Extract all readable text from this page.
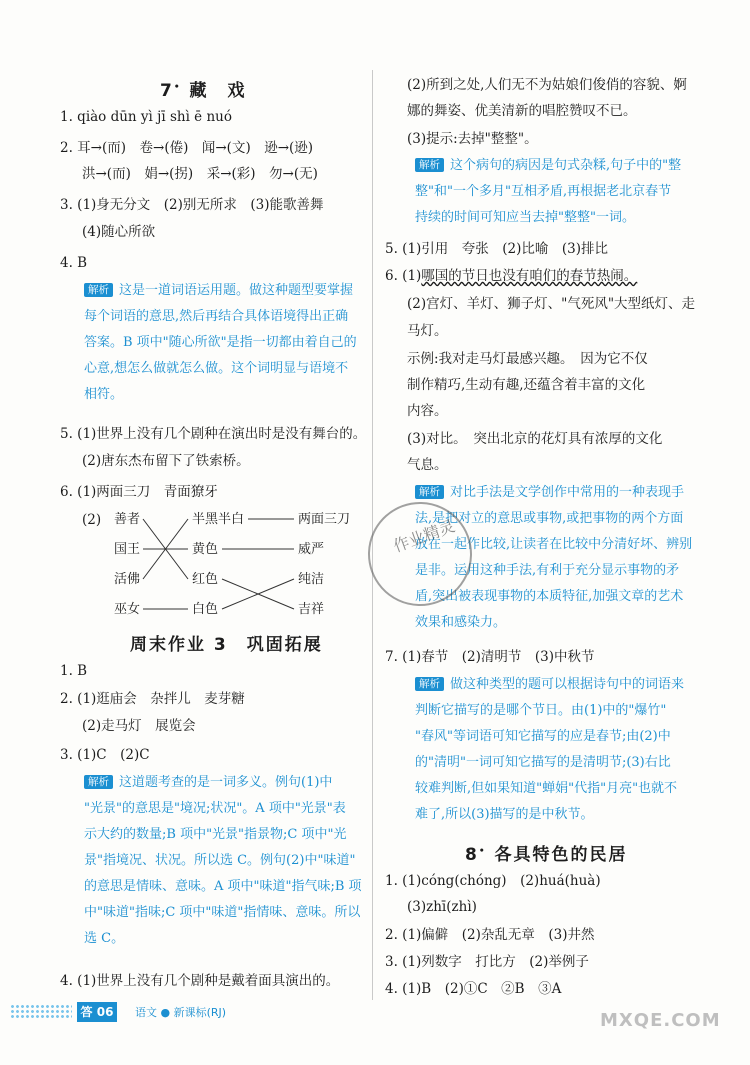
7• 藏　戏
1. qiào dūn yì jī shì ē nuó
2. 耳→(而)　卷→(倦)　闻→(文)　逊→(逊)
洪→(而)　娟→(拐)　采→(彩)　勿→(无)
3. (1)身无分文　(2)别无所求　(3)能歌善舞
(4)随心所欲
4. B
解析 这是一道词语运用题。做这种题型要掌握
每个词语的意思,然后再结合具体语境得出正确
答案。B 项中"随心所欲"是指一切都由着自己的
心意,想怎么做就怎么做。这个词明显与语境不
相符。
5. (1)世界上没有几个剧种在演出时是没有舞台的。
(2)唐东杰布留下了铁索桥。
6. (1)两面三刀　青面獠牙
(2)
周末作业 3　巩固拓展
1. B
2. (1)逛庙会　杂拌儿　麦芽糖
(2)走马灯　展览会
3. (1)C　(2)C
解析 这道题考查的是一词多义。例句(1)中
"光景"的意思是"境况;状况"。A 项中"光景"表
示大约的数量;B 项中"光景"指景物;C 项中"光
景"指境况、状况。所以选 C。例句(2)中"味道"
的意思是情味、意味。A 项中"味道"指气味;B 项
中"味道"指味;C 项中"味道"指情味、意味。所以
选 C。
4. (1)世界上没有几个剧种是戴着面具演出的。
善者
国王
活佛
巫女
半黑半白
黄色
红色
白色
两面三刀
威严
纯洁
吉祥
(2)所到之处,人们无不为姑娘们俊俏的容貌、婀
娜的舞姿、优美清新的唱腔赞叹不已。
(3)提示:去掉"整整"。
解析 这个病句的病因是句式杂糅,句子中的"整
整"和"一个多月"互相矛盾,再根据老北京春节
持续的时间可知应当去掉"整整"一词。
5. (1)引用　夸张　(2)比喻　(3)排比
6. (1)哪国的节日也没有咱们的春节热闹。
(2)宫灯、羊灯、狮子灯、"气死风"大型纸灯、走
马灯。
示例:我对走马灯最感兴趣。　因为它不仅
制作精巧,生动有趣,还蕴含着丰富的文化
内容。
(3)对比。　突出北京的花灯具有浓厚的文化
气息。
解析 对比手法是文学创作中常用的一种表现手
法,是把对立的意思或事物,或把事物的两个方面
放在一起作比较,让读者在比较中分清好坏、辨别
是非。运用这种手法,有利于充分显示事物的矛
盾,突出被表现事物的本质特征,加强文章的艺术
效果和感染力。
7. (1)春节　(2)清明节　(3)中秋节
解析 做这种类型的题可以根据诗句中的词语来
判断它描写的是哪个节日。由(1)中的"爆竹"
"春风"等词语可知它描写的应是春节;由(2)中
的"清明"一词可知它描写的是清明节;(3)右比
较难判断,但如果知道"蝉娟"代指"月亮"也就不
难了,所以(3)描写的是中秋节。
8• 各具特色的民居
1. (1)cóng(chóng)　(2)huá(huà)
(3)zhī(zhì)
2. (1)偏僻　(2)杂乱无章　(3)井然
3. (1)列数字　打比方　(2)举例子
4. (1)B　(2)①C　②B　③A
作业精灵
答 06	语文 ● 新课标(RJ)	MXQE.COM
